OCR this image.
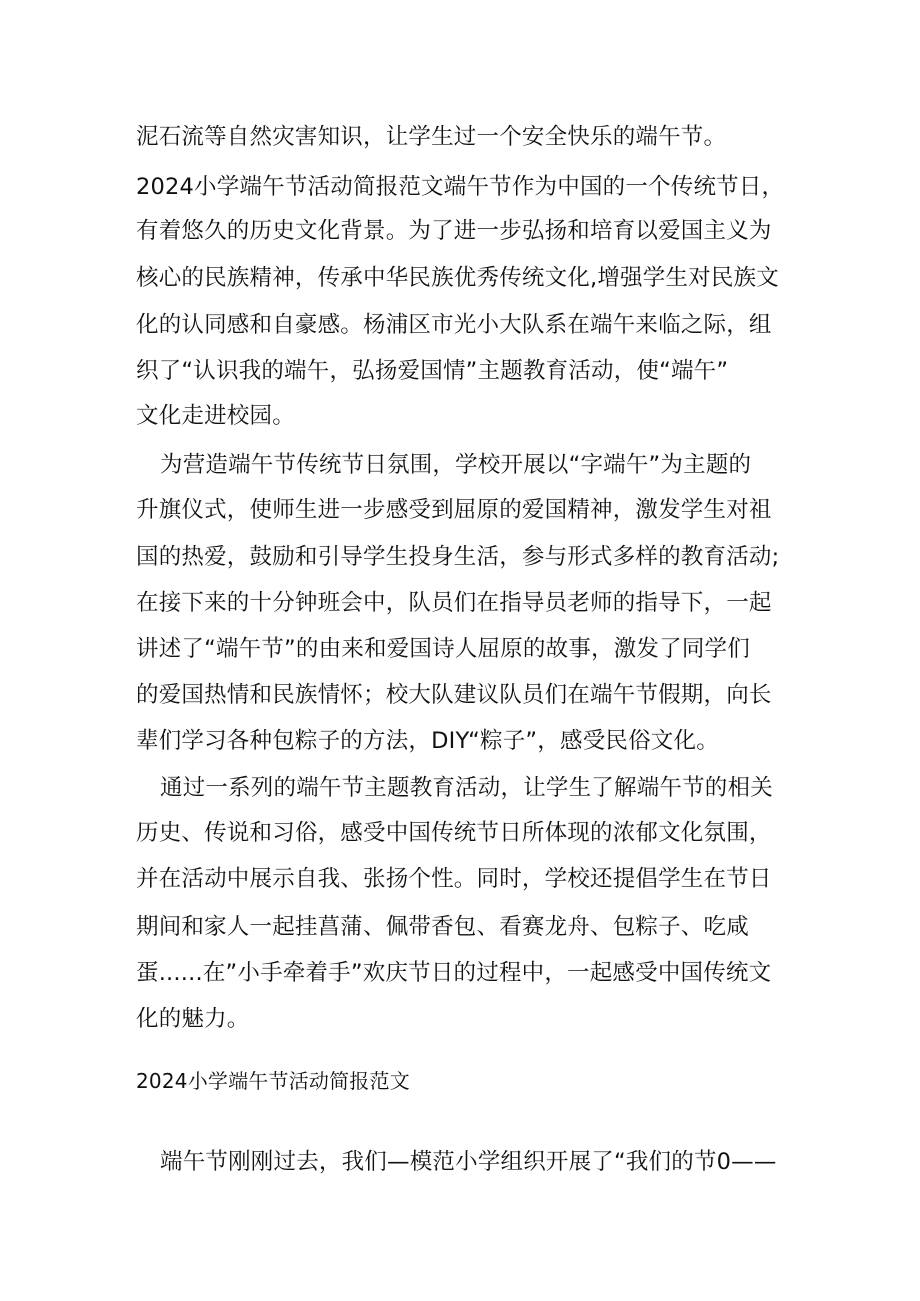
泥石流等自然灾害知识，让学生过一个安全快乐的端午节。
2024小学端午节活动简报范文端午节作为中国的一个传统节日，
有着悠久的历史文化背景。为了进一步弘扬和培育以爱国主义为
核心的民族精神，传承中华民族优秀传统文化,增强学生对民族文
化的认同感和自豪感。杨浦区市光小大队系在端午来临之际，组
织了“认识我的端午，弘扬爱国情”主题教育活动，使“端午”
文化走进校园。
为营造端午节传统节日氛围，学校开展以“字端午”为主题的
升旗仪式，使师生进一步感受到屈原的爱国精神，激发学生对祖
国的热爱，鼓励和引导学生投身生活，参与形式多样的教育活动;
在接下来的十分钟班会中，队员们在指导员老师的指导下，一起
讲述了“端午节”的由来和爱国诗人屈原的故事，激发了同学们
的爱国热情和民族情怀；校大队建议队员们在端午节假期，向长
辈们学习各种包粽子的方法，DIY“粽子”，感受民俗文化。
通过一系列的端午节主题教育活动，让学生了解端午节的相关
历史、传说和习俗，感受中国传统节日所体现的浓郁文化氛围，
并在活动中展示自我、张扬个性。同时，学校还提倡学生在节日
期间和家人一起挂菖蒲、佩带香包、看赛龙舟、包粽子、吃咸
蛋......在”小手牵着手”欢庆节日的过程中，一起感受中国传统文
化的魅力。
2024小学端午节活动简报范文
端午节刚刚过去，我们—模范小学组织开展了“我们的节0——
